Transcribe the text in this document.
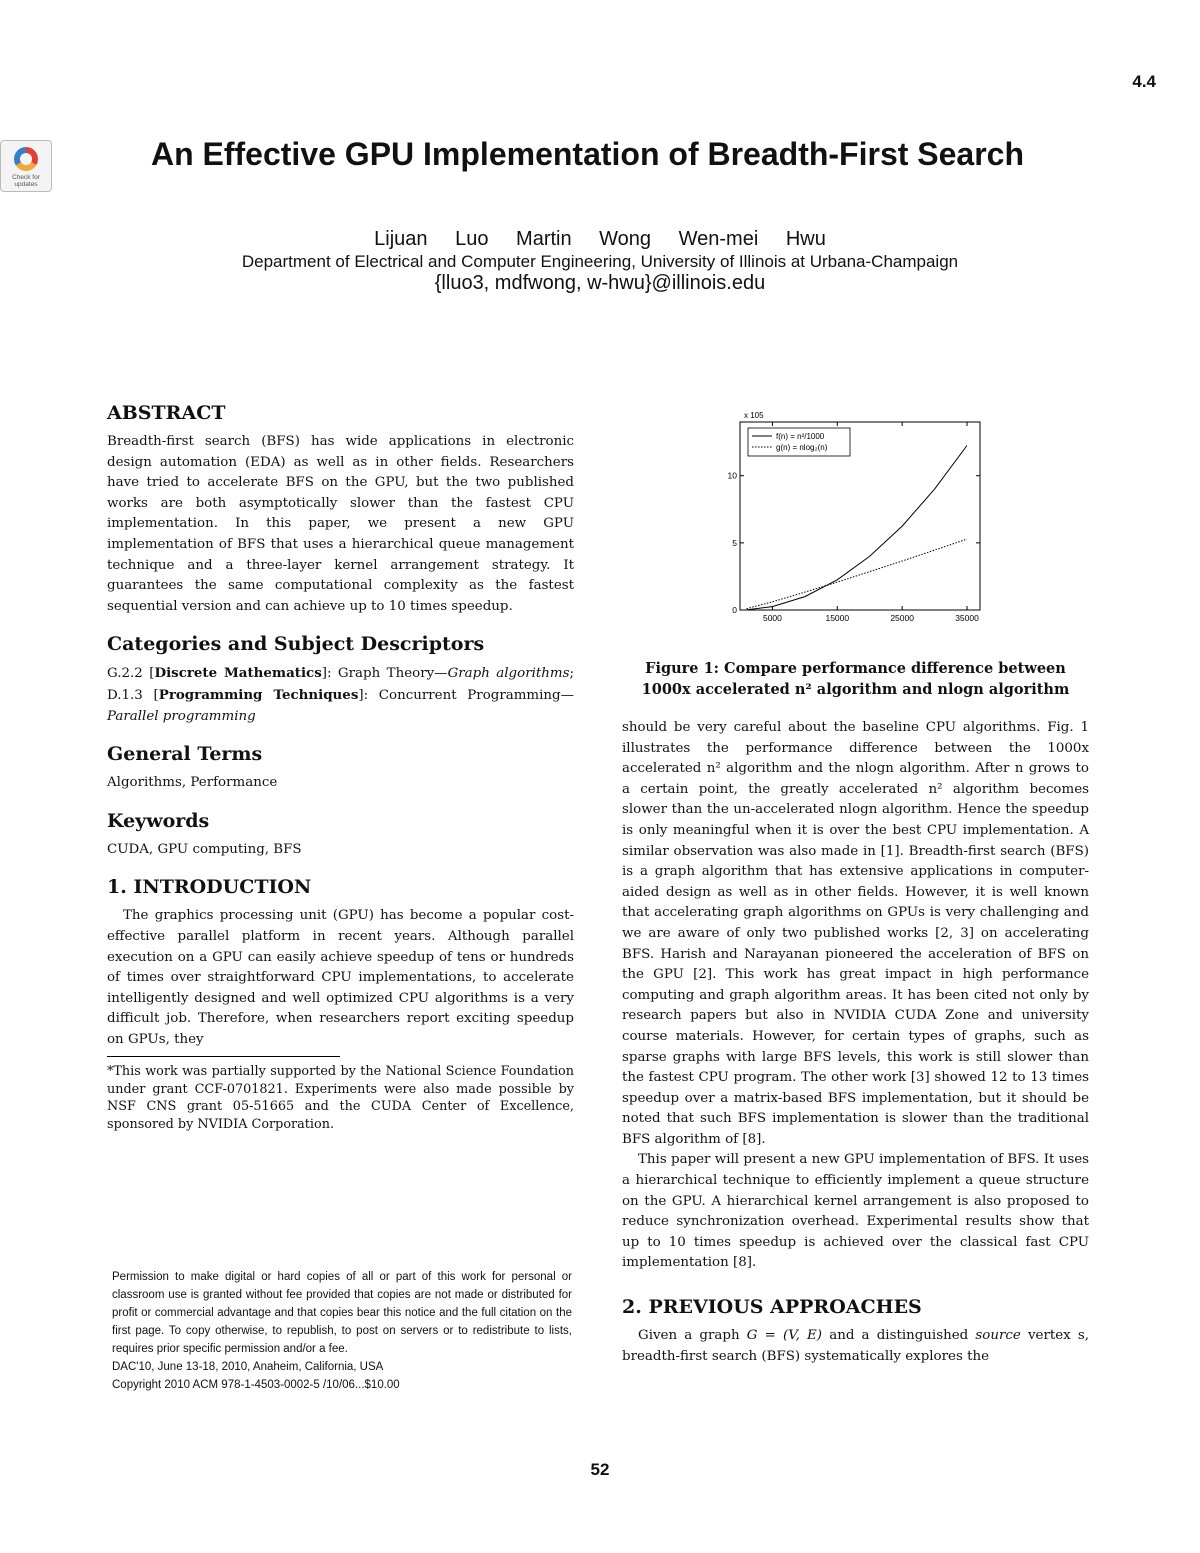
4.4
Check for updates
An Effective GPU Implementation of Breadth-First Search
Lijuan Luo Martin Wong Wen-mei Hwu
Department of Electrical and Computer Engineering, University of Illinois at Urbana-Champaign
{lluo3, mdfwong, w-hwu}@illinois.edu
ABSTRACT

Breadth-first search (BFS) has wide applications in electronic design automation (EDA) as well as in other fields. Researchers have tried to accelerate BFS on the GPU, but the two published works are both asymptotically slower than the fastest CPU implementation. In this paper, we present a new GPU implementation of BFS that uses a hierarchical queue management technique and a three-layer kernel arrangement strategy. It guarantees the same computational complexity as the fastest sequential version and can achieve up to 10 times speedup.

Categories and Subject Descriptors

G.2.2 [Discrete Mathematics]: Graph Theory—Graph algorithms; D.1.3 [Programming Techniques]: Concurrent Programming—Parallel programming

General Terms

Algorithms, Performance

Keywords

CUDA, GPU computing, BFS

1. INTRODUCTION

The graphics processing unit (GPU) has become a popular cost-effective parallel platform in recent years. Although parallel execution on a GPU can easily achieve speedup of tens or hundreds of times over straightforward CPU implementations, to accelerate intelligently designed and well optimized CPU algorithms is a very difficult job. Therefore, when researchers report exciting speedup on GPUs, they

*This work was partially supported by the National Science Foundation under grant CCF-0701821. Experiments were also made possible by NSF CNS grant 05-51665 and the CUDA Center of Excellence, sponsored by NVIDIA Corporation.

Permission to make digital or hard copies of all or part of this work for personal or classroom use is granted without fee provided that copies are not made or distributed for profit or commercial advantage and that copies bear this notice and the full citation on the first page. To copy otherwise, to republish, to post on servers or to redistribute to lists, requires prior specific permission and/or a fee.

DAC'10, June 13-18, 2010, Anaheim, California, USA

Copyright 2010 ACM 978-1-4503-0002-5 /10/06...$10.00

x 105
5000	15000	25000	35000
0
5
10
f(n) = n²/1000
g(n) = nlog₂(n)
Figure 1: Compare performance difference between 1000x accelerated n² algorithm and nlogn algorithm

should be very careful about the baseline CPU algorithms. Fig. 1 illustrates the performance difference between the 1000x accelerated n² algorithm and the nlogn algorithm. After n grows to a certain point, the greatly accelerated n² algorithm becomes slower than the un-accelerated nlogn algorithm. Hence the speedup is only meaningful when it is over the best CPU implementation. A similar observation was also made in [1]. Breadth-first search (BFS) is a graph algorithm that has extensive applications in computer-aided design as well as in other fields. However, it is well known that accelerating graph algorithms on GPUs is very challenging and we are aware of only two published works [2, 3] on accelerating BFS. Harish and Narayanan pioneered the acceleration of BFS on the GPU [2]. This work has great impact in high performance computing and graph algorithm areas. It has been cited not only by research papers but also in NVIDIA CUDA Zone and university course materials. However, for certain types of graphs, such as sparse graphs with large BFS levels, this work is still slower than the fastest CPU program. The other work [3] showed 12 to 13 times speedup over a matrix-based BFS implementation, but it should be noted that such BFS implementation is slower than the traditional BFS algorithm of [8].

This paper will present a new GPU implementation of BFS. It uses a hierarchical technique to efficiently implement a queue structure on the GPU. A hierarchical kernel arrangement is also proposed to reduce synchronization overhead. Experimental results show that up to 10 times speedup is achieved over the classical fast CPU implementation [8].

2. PREVIOUS APPROACHES

Given a graph G = (V, E) and a distinguished source vertex s, breadth-first search (BFS) systematically explores the

52
